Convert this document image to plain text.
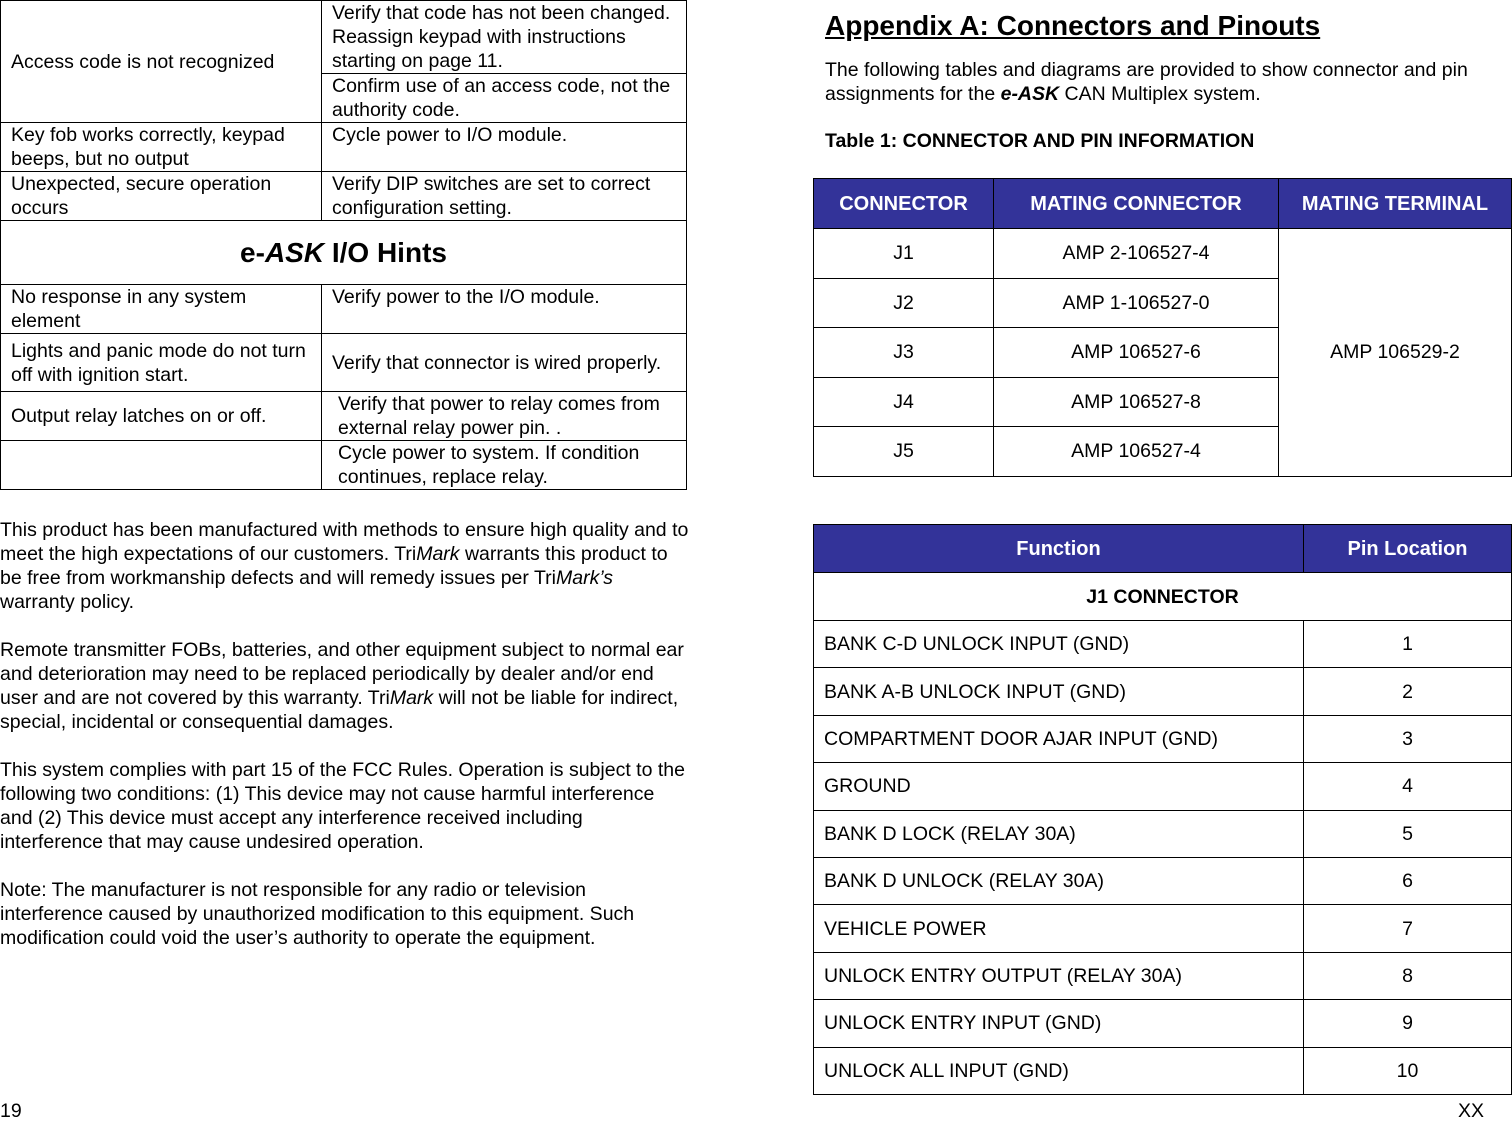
Access code is not recognized	Verify that code has not been changed. Reassign keypad with instructions starting on page 11.
	Confirm use of an access code, not the authority code.
Key fob works correctly, keypad beeps, but no output	Cycle power to I/O module.
Unexpected, secure operation occurs	Verify DIP switches are set to correct configuration setting.
e-ASK I/O Hints	
No response in any system element	Verify power to the I/O module.
Lights and panic mode do not turn off with ignition start.	Verify that connector is wired properly.
Output relay latches on or off.	Verify that power to relay comes from external relay power pin. .
	Cycle power to system. If condition continues, replace relay.

This product has been manufactured with methods to ensure high quality and to meet the high expectations of our customers. TriMark warrants this product to be free from workmanship defects and will remedy issues per TriMark’s warranty policy.

Remote transmitter FOBs, batteries, and other equipment subject to normal ear and deterioration may need to be replaced periodically by dealer and/or end user and are not covered by this warranty. TriMark will not be liable for indirect, special, incidental or consequential damages.

This system complies with part 15 of the FCC Rules. Operation is subject to the following two conditions: (1) This device may not cause harmful interference and (2) This device must accept any interference received including interference that may cause undesired operation.

Note: The manufacturer is not responsible for any radio or television interference caused by unauthorized modification to this equipment. Such modification could void the user’s authority to operate the equipment.

19	XX
Appendix A: Connectors and Pinouts
The following tables and diagrams are provided to show connector and pin assignments for the e-ASK CAN Multiplex system.
Table 1: CONNECTOR AND PIN INFORMATION
CONNECTOR	MATING CONNECTOR	MATING TERMINAL
J1	AMP 2-106527-4	AMP 106529-2
J2	AMP 1-106527-0	
J3	AMP 106527-6	
J4	AMP 106527-8	
J5	AMP 106527-4	
Function	Pin Location
J1 CONNECTOR	
BANK C-D UNLOCK INPUT (GND)	1
BANK A-B UNLOCK INPUT (GND)	2
COMPARTMENT DOOR AJAR INPUT (GND)	3
GROUND	4
BANK D LOCK (RELAY 30A)	5
BANK D UNLOCK (RELAY 30A)	6
VEHICLE POWER	7
UNLOCK ENTRY OUTPUT (RELAY 30A)	8
UNLOCK ENTRY INPUT (GND)	9
UNLOCK ALL INPUT (GND)	10
